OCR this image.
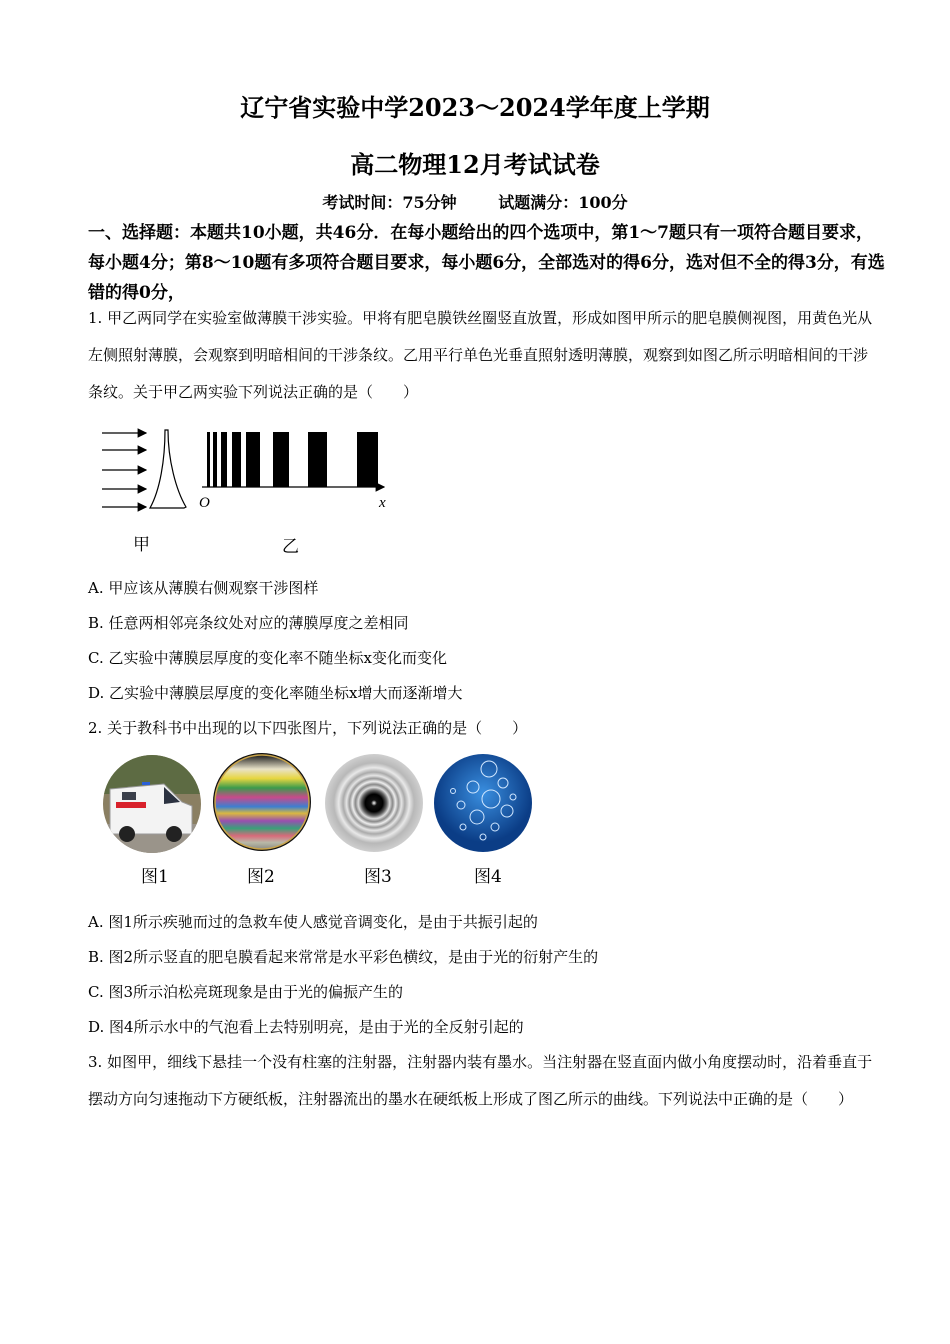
辽宁省实验中学2023～2024学年度上学期
高二物理12月考试试卷
考试时间：75分钟	试题满分：100分
一、选择题：本题共10小题，共46分．在每小题给出的四个选项中，第1～7题只有一项符合题目要求，每小题4分；第8～10题有多项符合题目要求，每小题6分，全部选对的得6分，选对但不全的得3分，有选错的得0分，
1. 甲乙两同学在实验室做薄膜干涉实验。甲将有肥皂膜铁丝圈竖直放置，形成如图甲所示的肥皂膜侧视图，用黄色光从左侧照射薄膜，会观察到明暗相间的干涉条纹。乙用平行单色光垂直照射透明薄膜，观察到如图乙所示明暗相间的干涉条纹。关于甲乙两实验下列说法正确的是（　　）
甲
O	x
乙
A. 甲应该从薄膜右侧观察干涉图样
B. 任意两相邻亮条纹处对应的薄膜厚度之差相同
C. 乙实验中薄膜层厚度的变化率不随坐标x变化而变化
D. 乙实验中薄膜层厚度的变化率随坐标x增大而逐渐增大
2. 关于教科书中出现的以下四张图片，下列说法正确的是（　　）
图1	图2	图3	图4
A. 图1所示疾驰而过的急救车使人感觉音调变化，是由于共振引起的
B. 图2所示竖直的肥皂膜看起来常常是水平彩色横纹，是由于光的衍射产生的
C. 图3所示泊松亮斑现象是由于光的偏振产生的
D. 图4所示水中的气泡看上去特别明亮，是由于光的全反射引起的
3. 如图甲，细线下悬挂一个没有柱塞的注射器，注射器内装有墨水。当注射器在竖直面内做小角度摆动时，沿着垂直于摆动方向匀速拖动下方硬纸板，注射器流出的墨水在硬纸板上形成了图乙所示的曲线。下列说法中正确的是（　　）
